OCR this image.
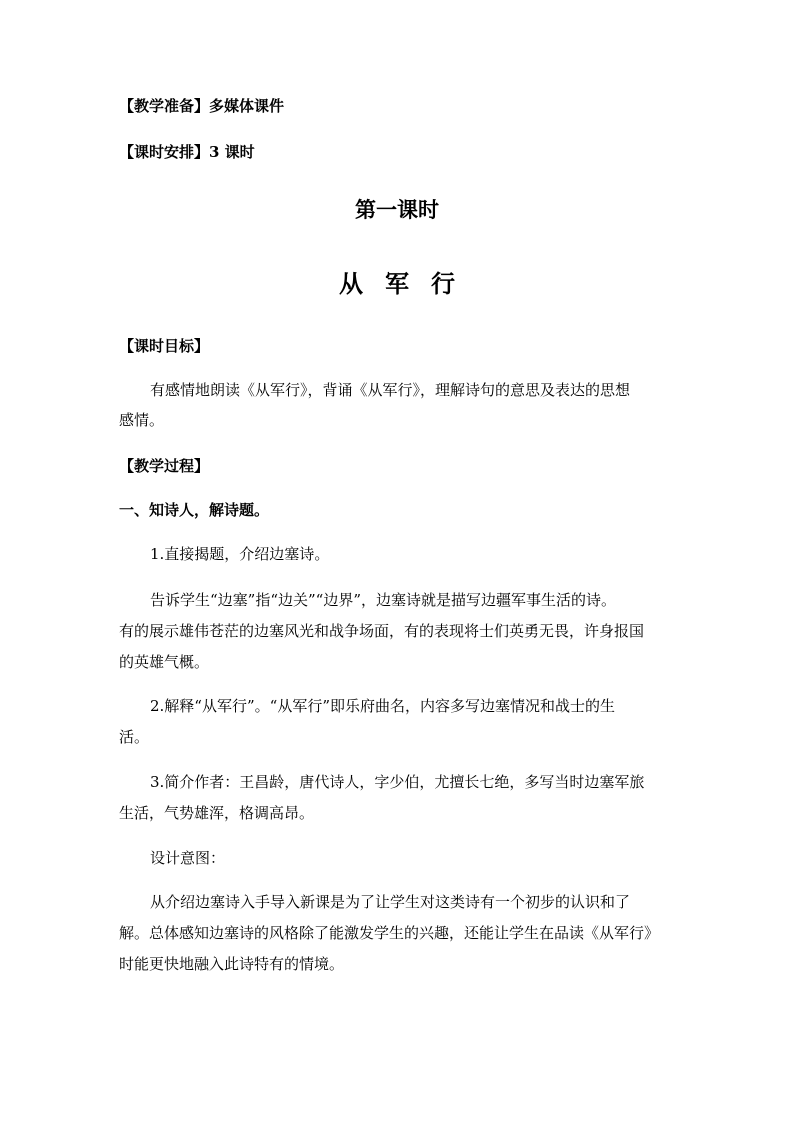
【教学准备】多媒体课件

【课时安排】3 课时

第一课时
从军行

【课时目标】

有感情地朗读《从军行》，背诵《从军行》，理解诗句的意思及表达的思想

感情。

【教学过程】

一、知诗人，解诗题。

1.直接揭题，介绍边塞诗。

告诉学生“边塞”指“边关”“边界”，边塞诗就是描写边疆军事生活的诗。

有的展示雄伟苍茫的边塞风光和战争场面，有的表现将士们英勇无畏，许身报国

的英雄气概。

2.解释“从军行”。“从军行”即乐府曲名，内容多写边塞情况和战士的生

活。

3.简介作者：王昌龄，唐代诗人，字少伯，尤擅长七绝，多写当时边塞军旅

生活，气势雄浑，格调高昂。

设计意图：

从介绍边塞诗入手导入新课是为了让学生对这类诗有一个初步的认识和了

解。总体感知边塞诗的风格除了能激发学生的兴趣，还能让学生在品读《从军行》

时能更快地融入此诗特有的情境。
